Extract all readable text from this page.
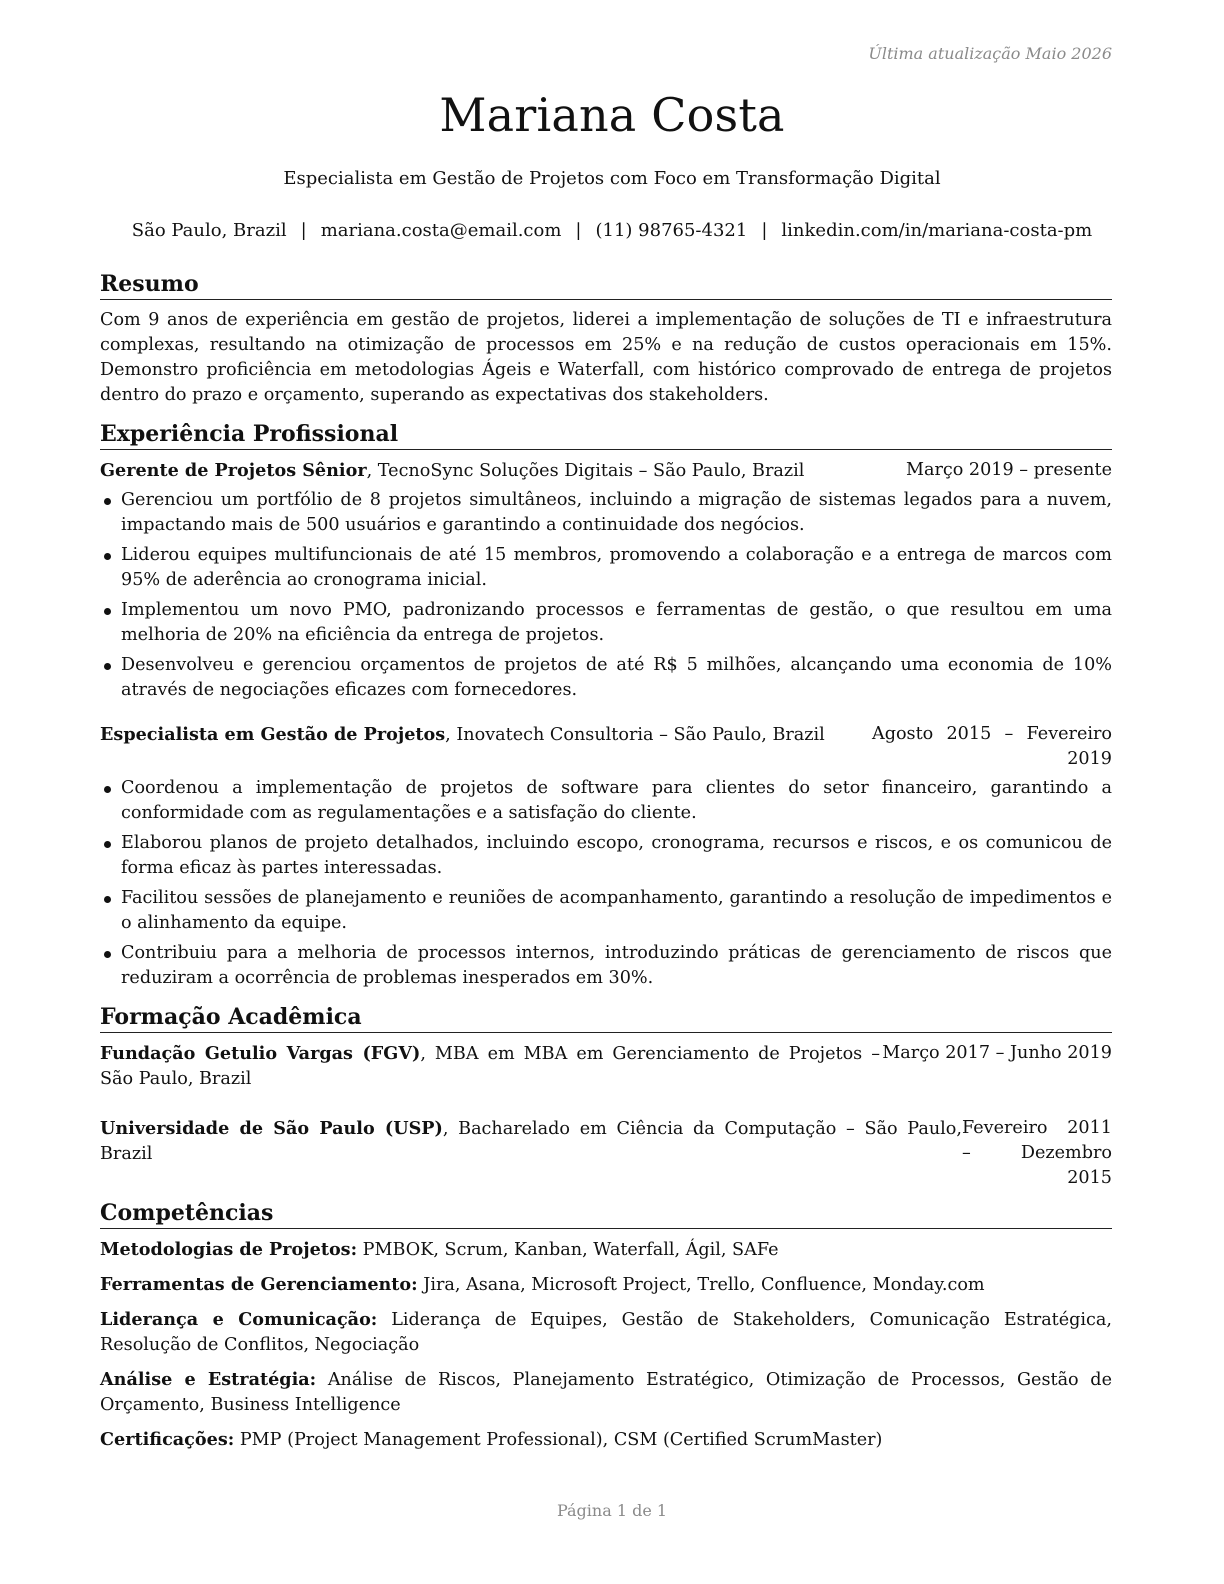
Última atualização Maio 2026
Mariana Costa
Especialista em Gestão de Projetos com Foco em Transformação Digital
São Paulo, Brazil | mariana.costa@email.com | (11) 98765-4321 | linkedin.com/in/mariana-costa-pm
Resumo

Com 9 anos de experiência em gestão de projetos, liderei a implementação de soluções de TI e infraestrutura complexas, resultando na otimização de processos em 25% e na redução de custos operacionais em 15%. Demonstro proficiência em metodologias Ágeis e Waterfall, com histórico comprovado de entrega de projetos dentro do prazo e orçamento, superando as expectativas dos stakeholders.

Experiência Profissional
Gerente de Projetos Sênior, TecnoSync Soluções Digitais – São Paulo, Brazil	Março 2019 – presente
Gerenciou um portfólio de 8 projetos simultâneos, incluindo a migração de sistemas legados para a nuvem, impactando mais de 500 usuários e garantindo a continuidade dos negócios.
Liderou equipes multifuncionais de até 15 membros, promovendo a colaboração e a entrega de marcos com 95% de aderência ao cronograma inicial.
Implementou um novo PMO, padronizando processos e ferramentas de gestão, o que resultou em uma melhoria de 20% na eficiência da entrega de projetos.
Desenvolveu e gerenciou orçamentos de projetos de até R$ 5 milhões, alcançando uma economia de 10% através de negociações eficazes com fornecedores.
Especialista em Gestão de Projetos, Inovatech Consultoria – São Paulo, Brazil	Agosto 2015 – Fevereiro 2019
Coordenou a implementação de projetos de software para clientes do setor financeiro, garantindo a conformidade com as regulamentações e a satisfação do cliente.
Elaborou planos de projeto detalhados, incluindo escopo, cronograma, recursos e riscos, e os comunicou de forma eficaz às partes interessadas.
Facilitou sessões de planejamento e reuniões de acompanhamento, garantindo a resolução de impedimentos e o alinhamento da equipe.
Contribuiu para a melhoria de processos internos, introduzindo práticas de gerenciamento de riscos que reduziram a ocorrência de problemas inesperados em 30%.
Formação Acadêmica
Fundação Getulio Vargas (FGV), MBA em MBA em Gerenciamento de Projetos – São Paulo, Brazil
Março 2017 – Junho 2019
Universidade de São Paulo (USP), Bacharelado em Ciência da Computação – São Paulo, Brazil
Fevereiro 2011 – Dezembro 2015
Competências
Metodologias de Projetos: PMBOK, Scrum, Kanban, Waterfall, Ágil, SAFe
Ferramentas de Gerenciamento: Jira, Asana, Microsoft Project, Trello, Confluence, Monday.com
Liderança e Comunicação: Liderança de Equipes, Gestão de Stakeholders, Comunicação Estratégica, Resolução de Conflitos, Negociação
Análise e Estratégia: Análise de Riscos, Planejamento Estratégico, Otimização de Processos, Gestão de Orçamento, Business Intelligence
Certificações: PMP (Project Management Professional), CSM (Certified ScrumMaster)
Página 1 de 1
